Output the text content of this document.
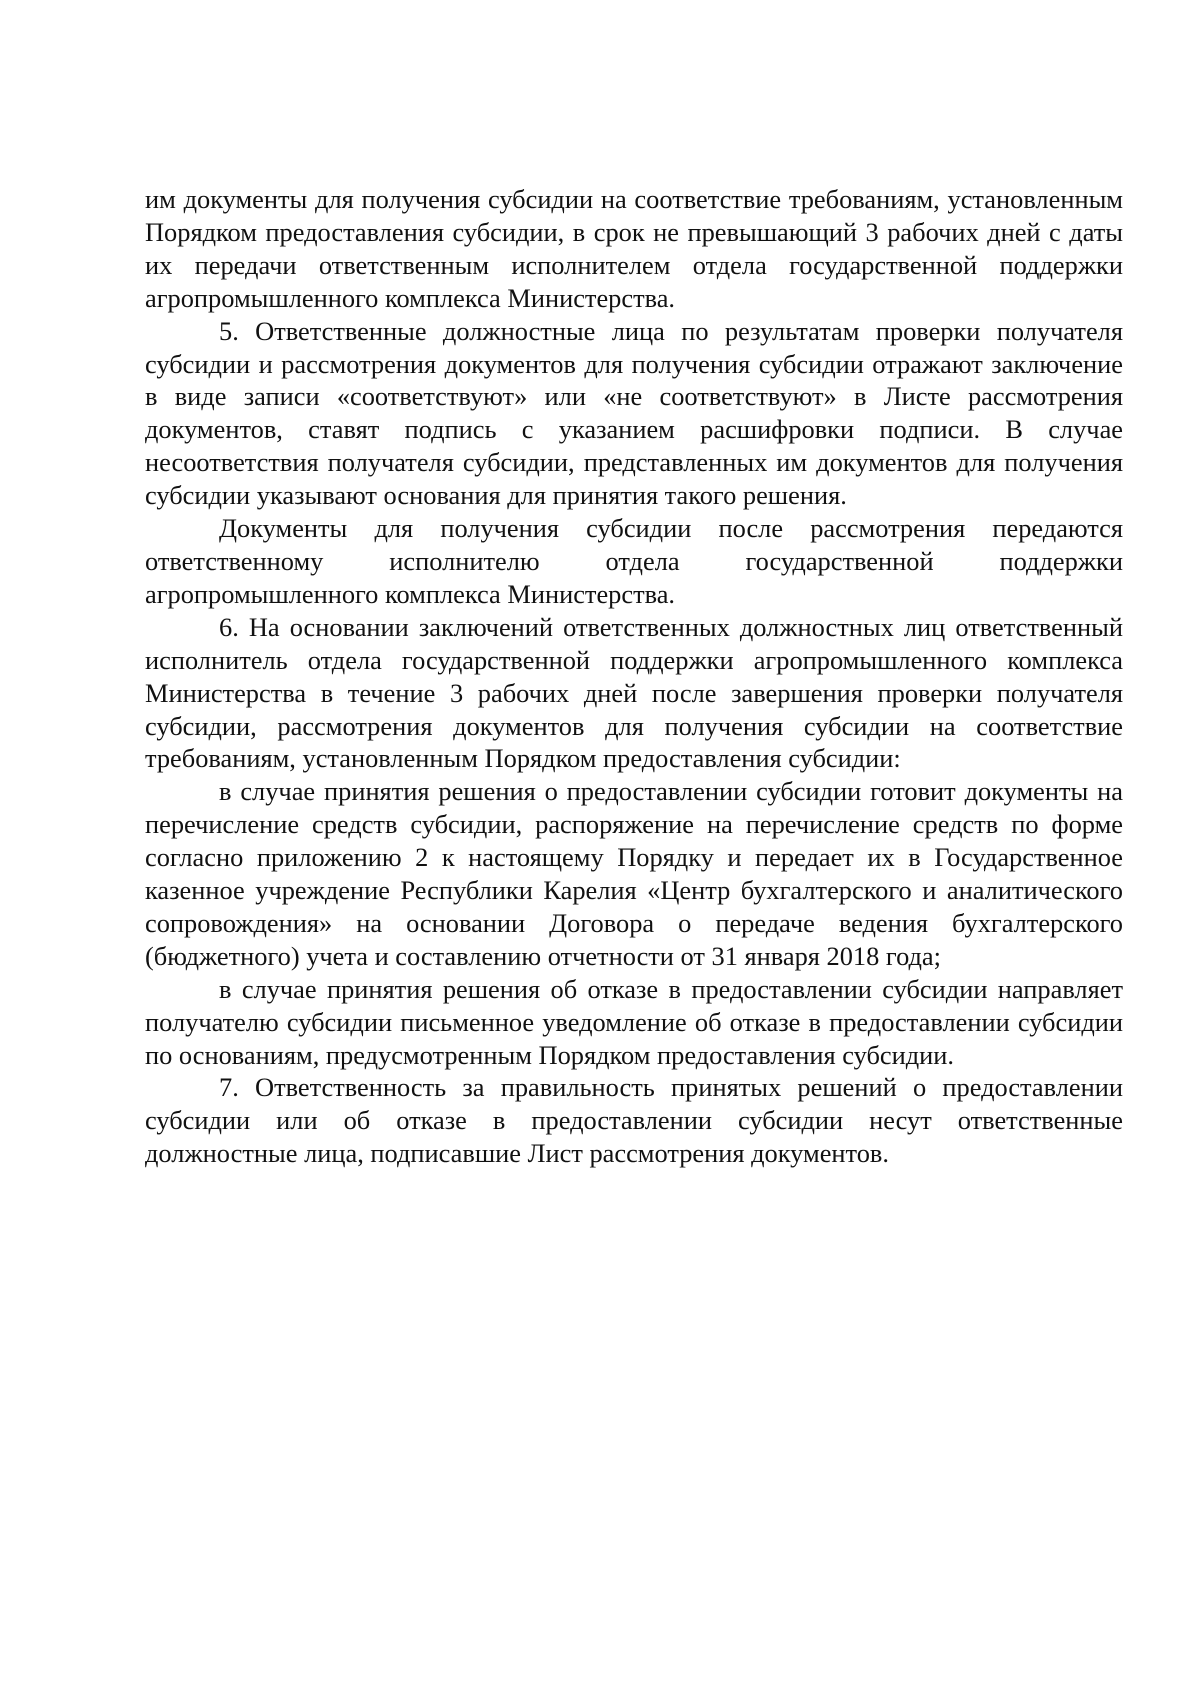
им документы для получения субсидии на соответствие требованиям, установленным Порядком предоставления субсидии, в срок не превышающий 3 рабочих дней с даты их передачи ответственным исполнителем отдела государственной поддержки агропромышленного комплекса Министерства.

5. Ответственные должностные лица по результатам проверки получателя субсидии и рассмотрения документов для получения субсидии отражают заключение в виде записи «соответствуют» или «не соответствуют» в Листе рассмотрения документов, ставят подпись с указанием расшифровки подписи. В случае несоответствия получателя субсидии, представленных им документов для получения субсидии указывают основания для принятия такого решения.

Документы для получения субсидии после рассмотрения передаются ответственному исполнителю отдела государственной поддержки агропромышленного комплекса Министерства.

6. На основании заключений ответственных должностных лиц ответственный исполнитель отдела государственной поддержки агропромышленного комплекса Министерства в течение 3 рабочих дней после завершения проверки получателя субсидии, рассмотрения документов для получения субсидии на соответствие требованиям, установленным Порядком предоставления субсидии:

в случае принятия решения о предоставлении субсидии готовит документы на перечисление средств субсидии, распоряжение на перечисление средств по форме согласно приложению 2 к настоящему Порядку и передает их в Государственное казенное учреждение Республики Карелия «Центр бухгалтерского и аналитического сопровождения» на основании Договора о передаче ведения бухгалтерского (бюджетного) учета и составлению отчетности от 31 января 2018 года;

в случае принятия решения об отказе в предоставлении субсидии направляет получателю субсидии письменное уведомление об отказе в предоставлении субсидии по основаниям, предусмотренным Порядком предоставления субсидии.

7. Ответственность за правильность принятых решений о предоставлении субсидии или об отказе в предоставлении субсидии несут ответственные должностные лица, подписавшие Лист рассмотрения документов.
